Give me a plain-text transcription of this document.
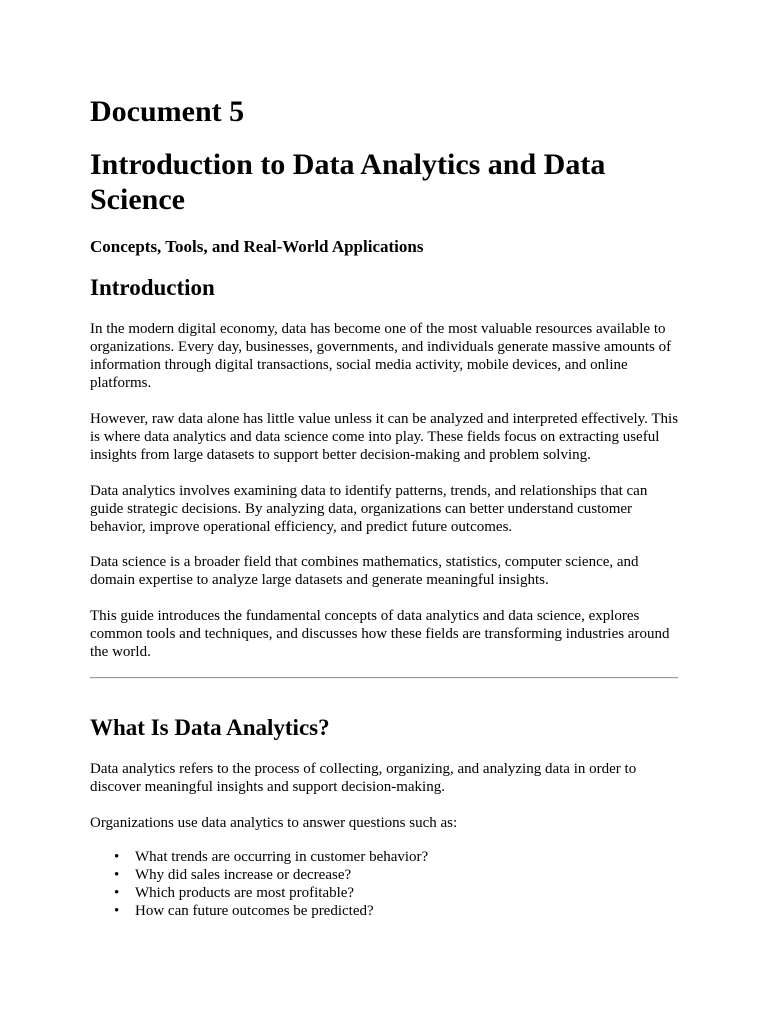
Document 5
Introduction to Data Analytics and Data Science
Concepts, Tools, and Real-World Applications
Introduction

In the modern digital economy, data has become one of the most valuable resources available to organizations. Every day, businesses, governments, and individuals generate massive amounts of information through digital transactions, social media activity, mobile devices, and online platforms.

However, raw data alone has little value unless it can be analyzed and interpreted effectively. This is where data analytics and data science come into play. These fields focus on extracting useful insights from large datasets to support better decision-making and problem solving.

Data analytics involves examining data to identify patterns, trends, and relationships that can guide strategic decisions. By analyzing data, organizations can better understand customer behavior, improve operational efficiency, and predict future outcomes.

Data science is a broader field that combines mathematics, statistics, computer science, and domain expertise to analyze large datasets and generate meaningful insights.

This guide introduces the fundamental concepts of data analytics and data science, explores common tools and techniques, and discusses how these fields are transforming industries around the world.

What Is Data Analytics?

Data analytics refers to the process of collecting, organizing, and analyzing data in order to discover meaningful insights and support decision-making.

Organizations use data analytics to answer questions such as:

• What trends are occurring in customer behavior?
• Why did sales increase or decrease?
• Which products are most profitable?
• How can future outcomes be predicted?
